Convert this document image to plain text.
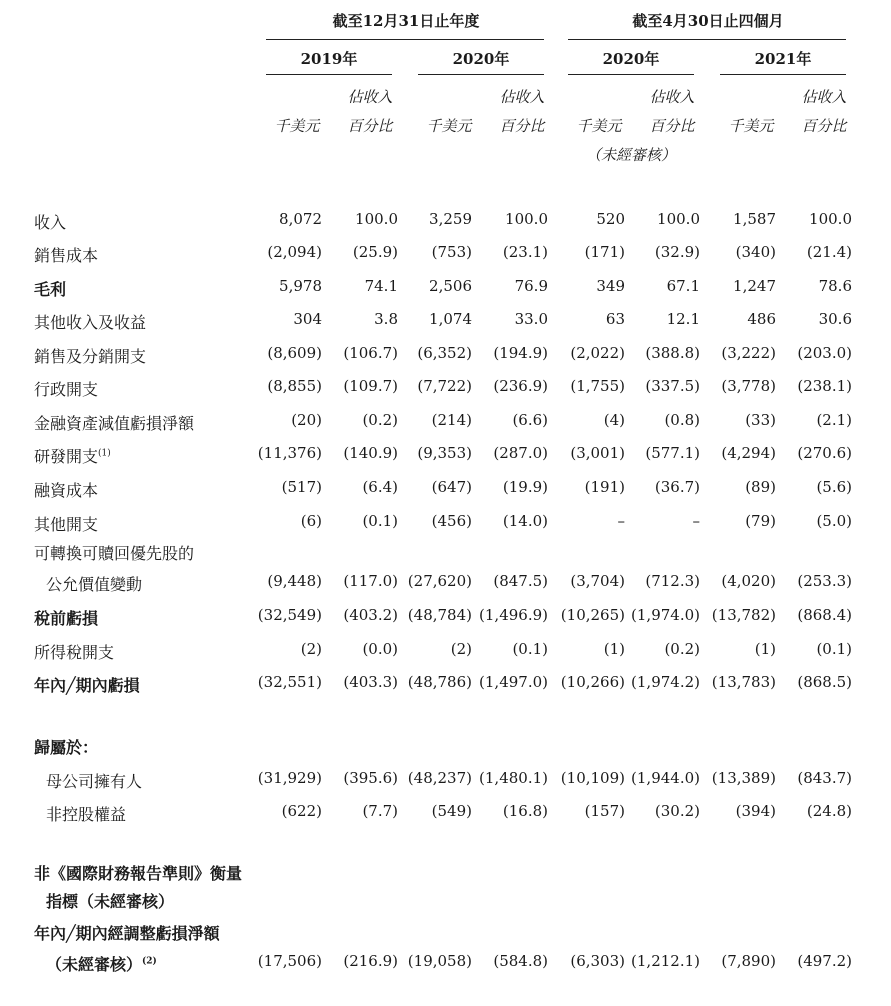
截至12月31日止年度	截至4月30日止四個月
2019年	2020年	2020年	2021年
佔收入	佔收入	佔收入	佔收入
千美元	百分比	千美元	百分比	千美元	百分比	千美元	百分比
（未經審核）
收入	8,072	100.0	3,259	100.0	520	100.0	1,587	100.0
銷售成本	(2,094)	(25.9)	(753)	(23.1)	(171)	(32.9)	(340)	(21.4)
毛利	5,978	74.1	2,506	76.9	349	67.1	1,247	78.6
其他收入及收益	304	3.8	1,074	33.0	63	12.1	486	30.6
銷售及分銷開支	(8,609)	(106.7)	(6,352)	(194.9)	(2,022)	(388.8)	(3,222)	(203.0)
行政開支	(8,855)	(109.7)	(7,722)	(236.9)	(1,755)	(337.5)	(3,778)	(238.1)
金融資產減值虧損淨額	(20)	(0.2)	(214)	(6.6)	(4)	(0.8)	(33)	(2.1)
研發開支$^{(1)}$	(11,376)	(140.9)	(9,353)	(287.0)	(3,001)	(577.1)	(4,294)	(270.6)
融資成本	(517)	(6.4)	(647)	(19.9)	(191)	(36.7)	(89)	(5.6)
其他開支	(6)	(0.1)	(456)	(14.0)	–	–	(79)	(5.0)
可轉換可贖回優先股的
公允價值變動	(9,448)	(117.0) (27,620)	(847.5)	(3,704)	(712.3)	(4,020)	(253.3)
稅前虧損	(32,549)	(403.2) (48,784) (1,496.9) (10,265) (1,974.0) (13,782)	(868.4)
所得稅開支	(2)	(0.0)	(2)	(0.1)	(1)	(0.2)	(1)	(0.1)
年內╱期內虧損	(32,551)	(403.3) (48,786) (1,497.0) (10,266) (1,974.2) (13,783)	(868.5)
歸屬於：
母公司擁有人	(31,929)	(395.6) (48,237) (1,480.1) (10,109) (1,944.0) (13,389)	(843.7)
非控股權益	(622)	(7.7)	(549)	(16.8)	(157)	(30.2)	(394)	(24.8)
非《國際財務報告準則》衡量
指標（未經審核）
年內╱期內經調整虧損淨額
（未經審核）$^{(2)}$	(17,506)	(216.9) (19,058)	(584.8)	(6,303) (1,212.1)	(7,890)	(497.2)
